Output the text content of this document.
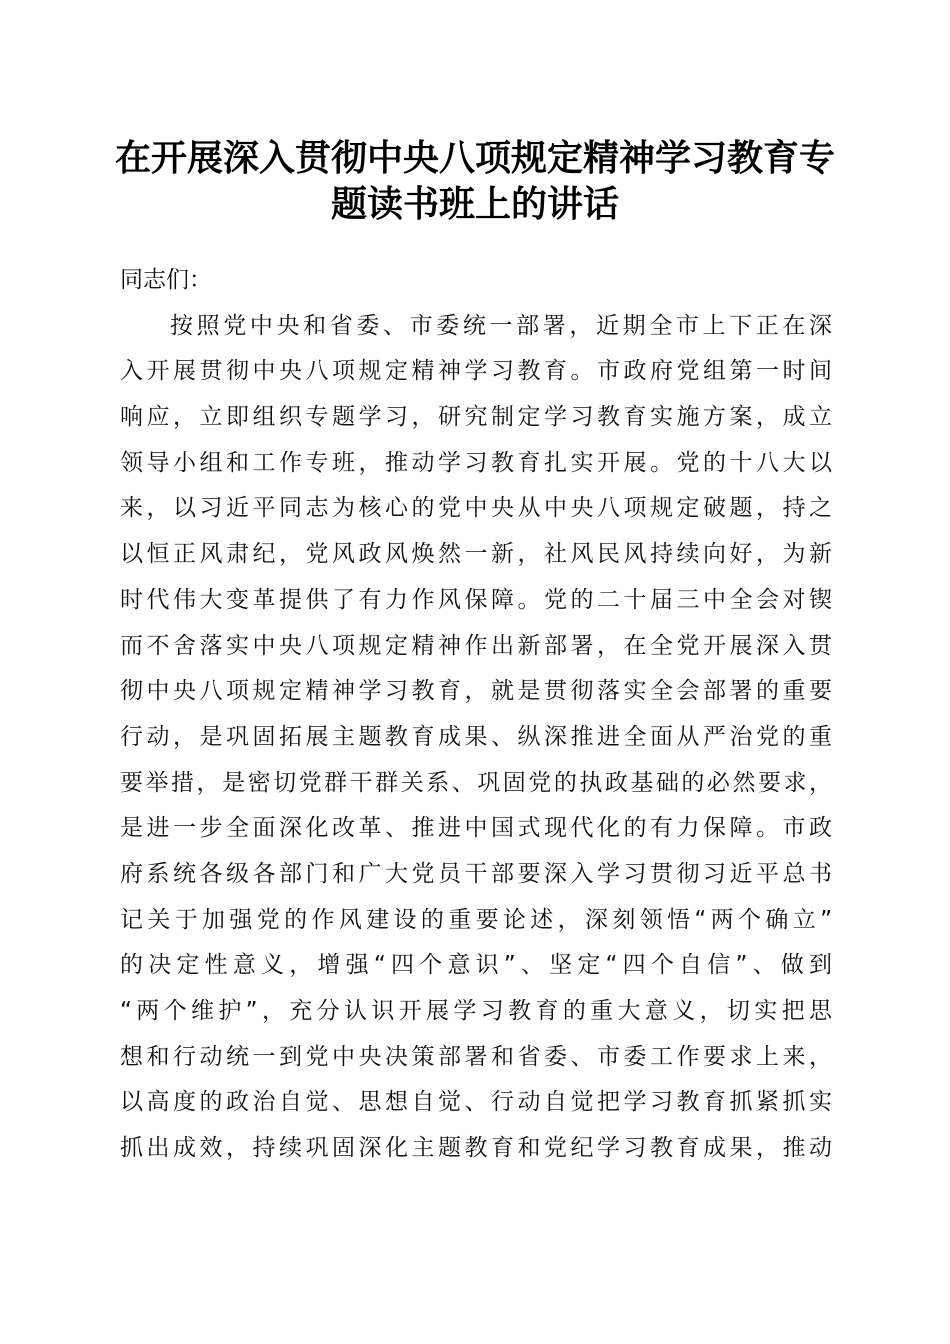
在开展深入贯彻中央八项规定精神学习教育专
题读书班上的讲话
同志们：
按照党中央和省委、市委统一部署，近期全市上下正在深
入开展贯彻中央八项规定精神学习教育。市政府党组第一时间
响应，立即组织专题学习，研究制定学习教育实施方案，成立
领导小组和工作专班，推动学习教育扎实开展。党的十八大以
来，以习近平同志为核心的党中央从中央八项规定破题，持之
以恒正风肃纪，党风政风焕然一新，社风民风持续向好，为新
时代伟大变革提供了有力作风保障。党的二十届三中全会对锲
而不舍落实中央八项规定精神作出新部署，在全党开展深入贯
彻中央八项规定精神学习教育，就是贯彻落实全会部署的重要
行动，是巩固拓展主题教育成果、纵深推进全面从严治党的重
要举措，是密切党群干群关系、巩固党的执政基础的必然要求，
是进一步全面深化改革、推进中国式现代化的有力保障。市政
府系统各级各部门和广大党员干部要深入学习贯彻习近平总书
记关于加强党的作风建设的重要论述，深刻领悟“两个确立”
的决定性意义，增强“四个意识”、坚定“四个自信”、做到
“两个维护”，充分认识开展学习教育的重大意义，切实把思
想和行动统一到党中央决策部署和省委、市委工作要求上来，
以高度的政治自觉、思想自觉、行动自觉把学习教育抓紧抓实
抓出成效，持续巩固深化主题教育和党纪学习教育成果，推动
